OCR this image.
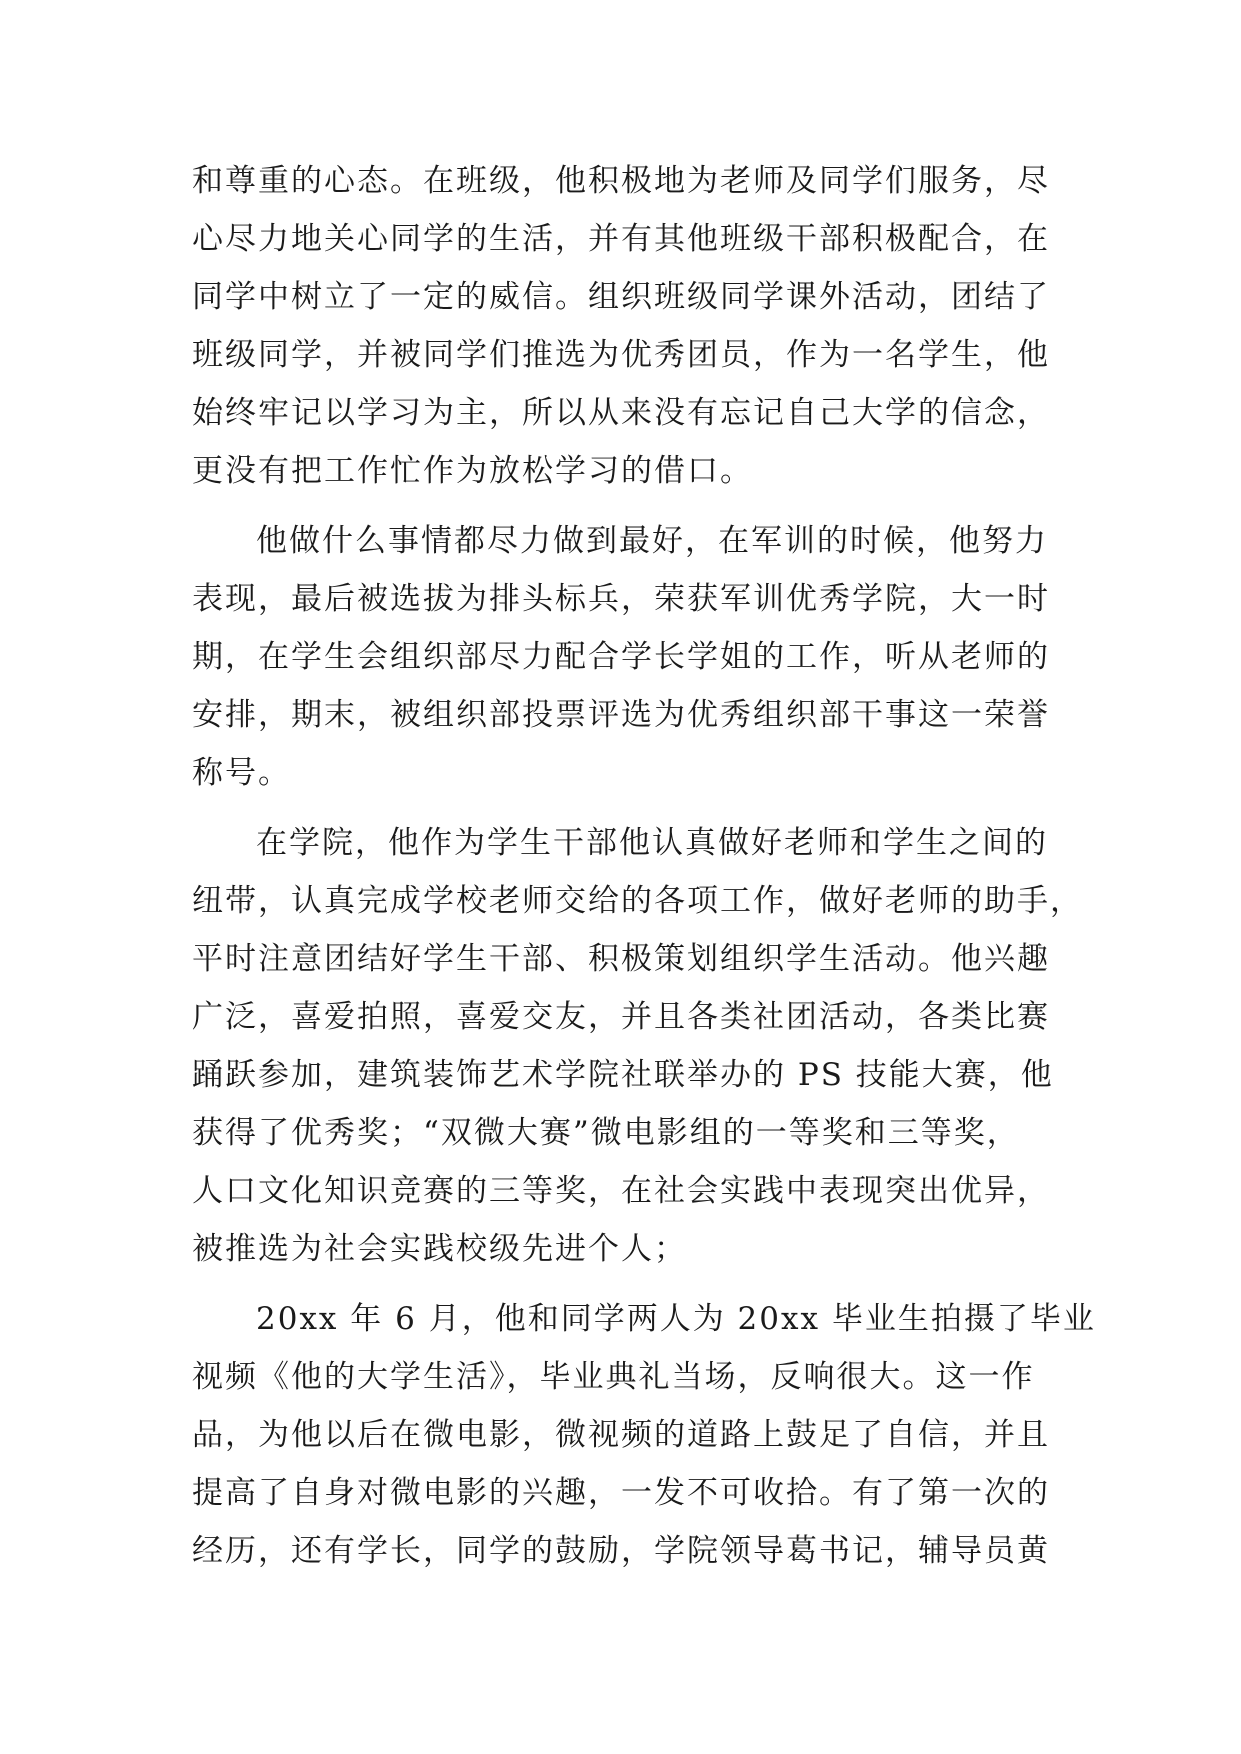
和尊重的心态。在班级，他积极地为老师及同学们服务，尽
心尽力地关心同学的生活，并有其他班级干部积极配合，在
同学中树立了一定的威信。组织班级同学课外活动，团结了
班级同学，并被同学们推选为优秀团员，作为一名学生，他
始终牢记以学习为主，所以从来没有忘记自己大学的信念，
更没有把工作忙作为放松学习的借口。

他做什么事情都尽力做到最好，在军训的时候，他努力
表现，最后被选拔为排头标兵，荣获军训优秀学院，大一时
期，在学生会组织部尽力配合学长学姐的工作，听从老师的
安排，期末，被组织部投票评选为优秀组织部干事这一荣誉
称号。

在学院，他作为学生干部他认真做好老师和学生之间的
纽带，认真完成学校老师交给的各项工作，做好老师的助手，
平时注意团结好学生干部、积极策划组织学生活动。他兴趣
广泛，喜爱拍照，喜爱交友，并且各类社团活动，各类比赛
踊跃参加，建筑装饰艺术学院社联举办的 PS 技能大赛，他
获得了优秀奖；“双微大赛”微电影组的一等奖和三等奖，
人口文化知识竞赛的三等奖，在社会实践中表现突出优异，
被推选为社会实践校级先进个人；

20xx 年 6 月，他和同学两人为 20xx 毕业生拍摄了毕业
视频《他的大学生活》，毕业典礼当场，反响很大。这一作
品，为他以后在微电影，微视频的道路上鼓足了自信，并且
提高了自身对微电影的兴趣，一发不可收拾。有了第一次的
经历，还有学长，同学的鼓励，学院领导葛书记，辅导员黄
